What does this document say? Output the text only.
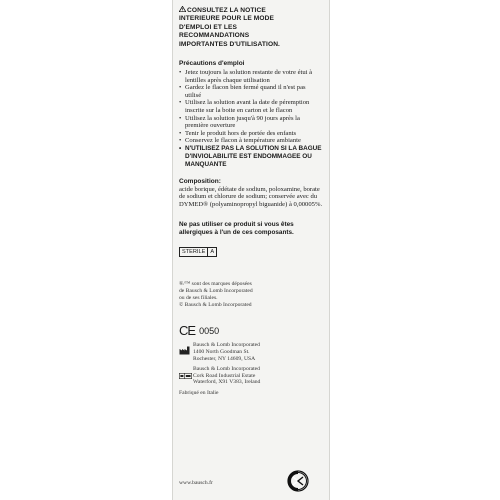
CONSULTEZ LA NOTICE
INTERIEURE POUR LE MODE
D'EMPLOI ET LES
RECOMMANDATIONS
IMPORTANTES D'UTILISATION.
Précautions d'emploi
• Jetez toujours la solution restante de votre étui à lentilles après chaque utilisation
• Gardez le flacon bien fermé quand il n'est pas utilisé
• Utilisez la solution avant la date de péremption inscrite sur la boite en carton et le flacon
• Utilisez la solution jusqu'à 90 jours après la première ouverture
• Tenir le produit hors de portée des enfants
• Conservez le flacon à température ambiante
• N'UTILISEZ PAS LA SOLUTION SI LA BAGUE D'INVIOLABILITE EST ENDOMMAGEE OU MANQUANTE
Composition:
acide borique, édétate de sodium, poloxamine, borate de sodium et chlorure de sodium; conservée avec du DYMED® (polyaminopropyl biguanide) à 0,00005%.
Ne pas utiliser ce produit si vous êtes allergiques à l'un de ces composants.
STERILE A
®/™ sont des marques déposées
de Bausch & Lomb Incorporated
ou de ses filiales.
© Bausch & Lomb Incorporated
CE 0050
Bausch & Lomb Incorporated
1400 North Goodman St.
Rochester, NY 14609, USA
Bausch & Lomb Incorporated
Cork Road Industrial Estate
Waterford, X91 V383, Ireland
Fabriqué en Italie
www.bausch.fr
